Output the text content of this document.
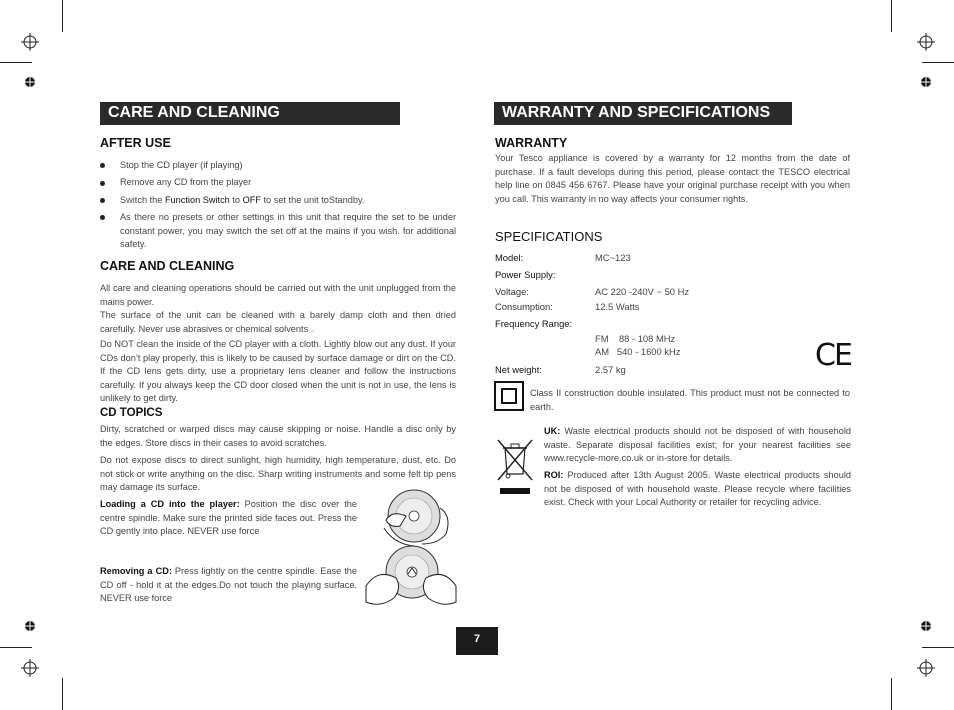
CARE AND CLEANING
AFTER USE
Stop the CD player (if playing)
Remove any CD from the player
Switch the Function Switch to OFF to set the unit toStandby.
As there no presets or other settings in this unit that require the set to be under constant power, you may switch the set off at the mains if you wish. for additional safety.
CARE AND CLEANING
All care and cleaning operations should be carried out with the unit unplugged from the mains power.
The surface of the unit can be cleaned with a barely damp cloth and then dried carefully. Never use abrasives or chemical solvents .
Do NOT clean the inside of the CD player with a cloth. Lightly blow out any dust. If your CDs don’t play properly, this is likely to be caused by surface damage or dirt on the CD. If the CD lens gets dirty, use a proprietary lens cleaner and follow the instructions carefully. If you always keep the CD door closed when the unit is not in use, the lens is unlikely to get dirty.
CD TOPICS
Dirty, scratched or warped discs may cause skipping or noise. Handle a disc only by the edges. Store discs in their cases to avoid scratches.
Do not expose discs to direct sunlight, high humidity, high temperature, dust, etc. Do not stick or write anything on the disc. Sharp writing instruments and some felt tip pens may damage its surface.
Loading a CD into the player: Position the disc over the centre spindle. Make sure the printed side faces out. Press the CD gently into place. NEVER use force
Removing a CD: Press lightly on the centre spindle. Ease the CD off - hold it at the edges.Do not touch the playing surface. NEVER use force
WARRANTY AND SPECIFICATIONS
WARRANTY
Your Tesco appliance is covered by a warranty for 12 months from the date of purchase. If a fault develops during this period, please contact the TESCO electrical help line on 0845 456 6767. Please have your original purchase receipt with you when you call. This warranty in no way affects your consumer rights.
SPECIFICATIONS
Model:	MC~123
Power Supply:
Voltage:	AC 220 -240V ~ 50 Hz
Consumption:	12.5 Watts
Frequency Range:
FM    88 - 108 MHz
AM   540 - 1600 kHz
Net weight:	2.57 kg	CE
Class II construction double insulated. This product must not be connected to earth.
UK: Waste electrical products should not be disposed of with household waste. Separate disposal facilities exist; for your nearest facilities see www.recycle-more.co.uk or in-store for details.
ROI: Produced after 13th August 2005. Waste electrical products should not be disposed of with household waste. Please recycle where facilities exist. Check with your Local Authority or retailer for recycling advice.
7
